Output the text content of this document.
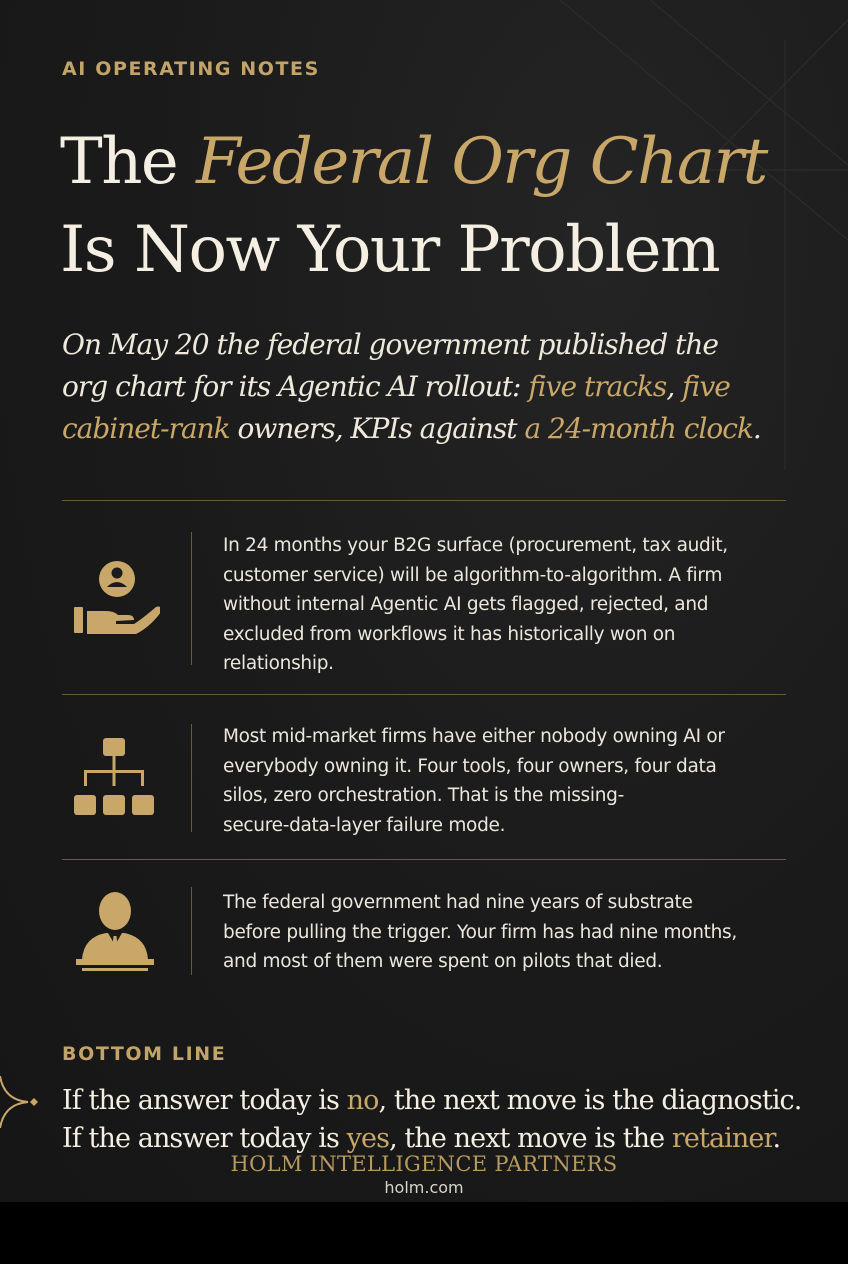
AI OPERATING NOTES

The Federal Org Chart
Is Now Your Problem

On May 20 the federal government published the
org chart for its Agentic AI rollout: five tracks, five
cabinet-rank owners, KPIs against a 24-month clock.

In 24 months your B2G surface (procurement, tax audit,
customer service) will be algorithm-to-algorithm. A firm
without internal Agentic AI gets flagged, rejected, and
excluded from workflows it has historically won on
relationship.

Most mid-market firms have either nobody owning AI or
everybody owning it. Four tools, four owners, four data
silos, zero orchestration. That is the missing-
secure-data-layer failure mode.

The federal government had nine years of substrate
before pulling the trigger. Your firm has had nine months,
and most of them were spent on pilots that died.

BOTTOM LINE

If the answer today is no, the next move is the diagnostic.
If the answer today is yes, the next move is the retainer.

HOLM INTELLIGENCE PARTNERS

holm.com
